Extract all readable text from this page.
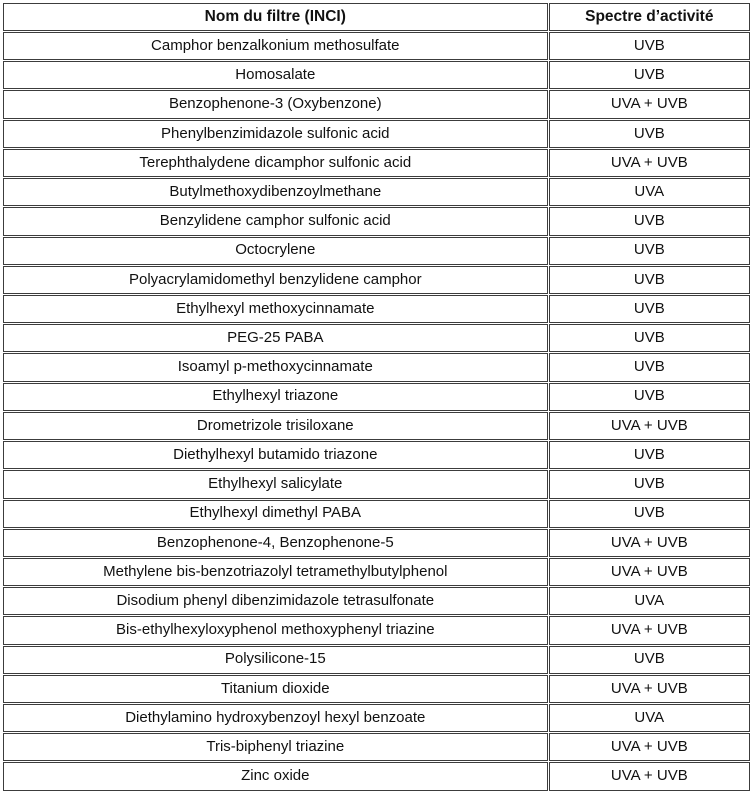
Nom du filtre (INCI)	Spectre d’activité
Camphor benzalkonium methosulfate	UVB
Homosalate	UVB
Benzophenone-3 (Oxybenzone)	UVA + UVB
Phenylbenzimidazole sulfonic acid	UVB
Terephthalydene dicamphor sulfonic acid	UVA + UVB
Butylmethoxydibenzoylmethane	UVA
Benzylidene camphor sulfonic acid	UVB
Octocrylene	UVB
Polyacrylamidomethyl benzylidene camphor	UVB
Ethylhexyl methoxycinnamate	UVB
PEG-25 PABA	UVB
Isoamyl p-methoxycinnamate	UVB
Ethylhexyl triazone	UVB
Drometrizole trisiloxane	UVA + UVB
Diethylhexyl butamido triazone	UVB
Ethylhexyl salicylate	UVB
Ethylhexyl dimethyl PABA	UVB
Benzophenone-4, Benzophenone-5	UVA + UVB
Methylene bis-benzotriazolyl tetramethylbutylphenol	UVA + UVB
Disodium phenyl dibenzimidazole tetrasulfonate	UVA
Bis-ethylhexyloxyphenol methoxyphenyl triazine	UVA + UVB
Polysilicone-15	UVB
Titanium dioxide	UVA + UVB
Diethylamino hydroxybenzoyl hexyl benzoate	UVA
Tris-biphenyl triazine	UVA + UVB
Zinc oxide	UVA + UVB
